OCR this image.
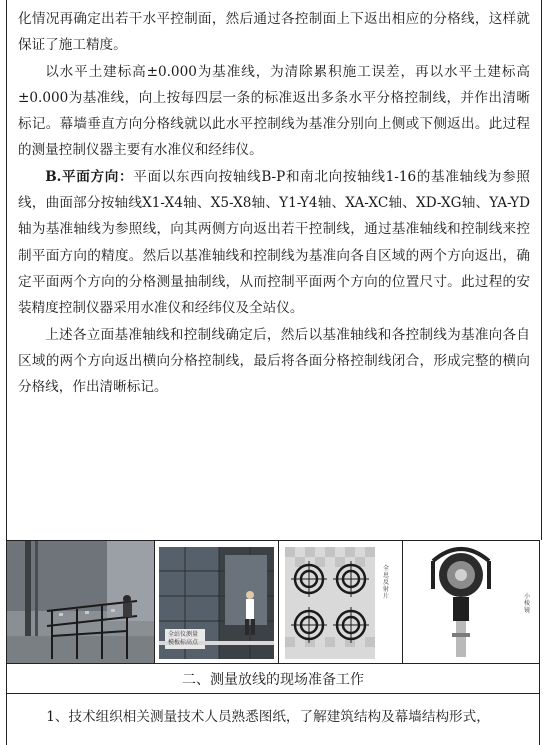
化情况再确定出若干水平控制面，然后通过各控制面上下返出相应的分格线，这样就保证了施工精度。

以水平土建标高±0.000为基准线，为清除累积施工误差，再以水平土建标高±0.000为基准线，向上按每四层一条的标准返出多条水平分格控制线，并作出清晰标记。幕墙垂直方向分格线就以此水平控制线为基准分别向上侧或下侧返出。此过程的测量控制仪器主要有水准仪和经纬仪。

B.平面方向：平面以东西向按轴线B-P和南北向按轴线1-16的基准轴线为参照线，曲面部分按轴线X1-X4轴、X5-X8轴、Y1-Y4轴、XA-XC轴、XD-XG轴、YA-YD轴为基准轴线为参照线，向其两侧方向返出若干控制线，通过基准轴线和控制线来控制平面方向的精度。然后以基准轴线和控制线为基准向各自区域的两个方向返出，确定平面两个方向的分格测量抽制线，从而控制平面两个方向的位置尺寸。此过程的安装精度控制仪器采用水准仪和经纬仪及全站仪。

上述各立面基准轴线和控制线确定后，然后以基准轴线和各控制线为基准向各自区域的两个方向返出横向分格控制线，最后将各面分格控制线闭合，形成完整的横向分格线，作出清晰标记。

全站仪测量
模板标高点
全息反射片	小棱镜
二、测量放线的现场准备工作

1、技术组织相关测量技术人员熟悉图纸，了解建筑结构及幕墙结构形式，
